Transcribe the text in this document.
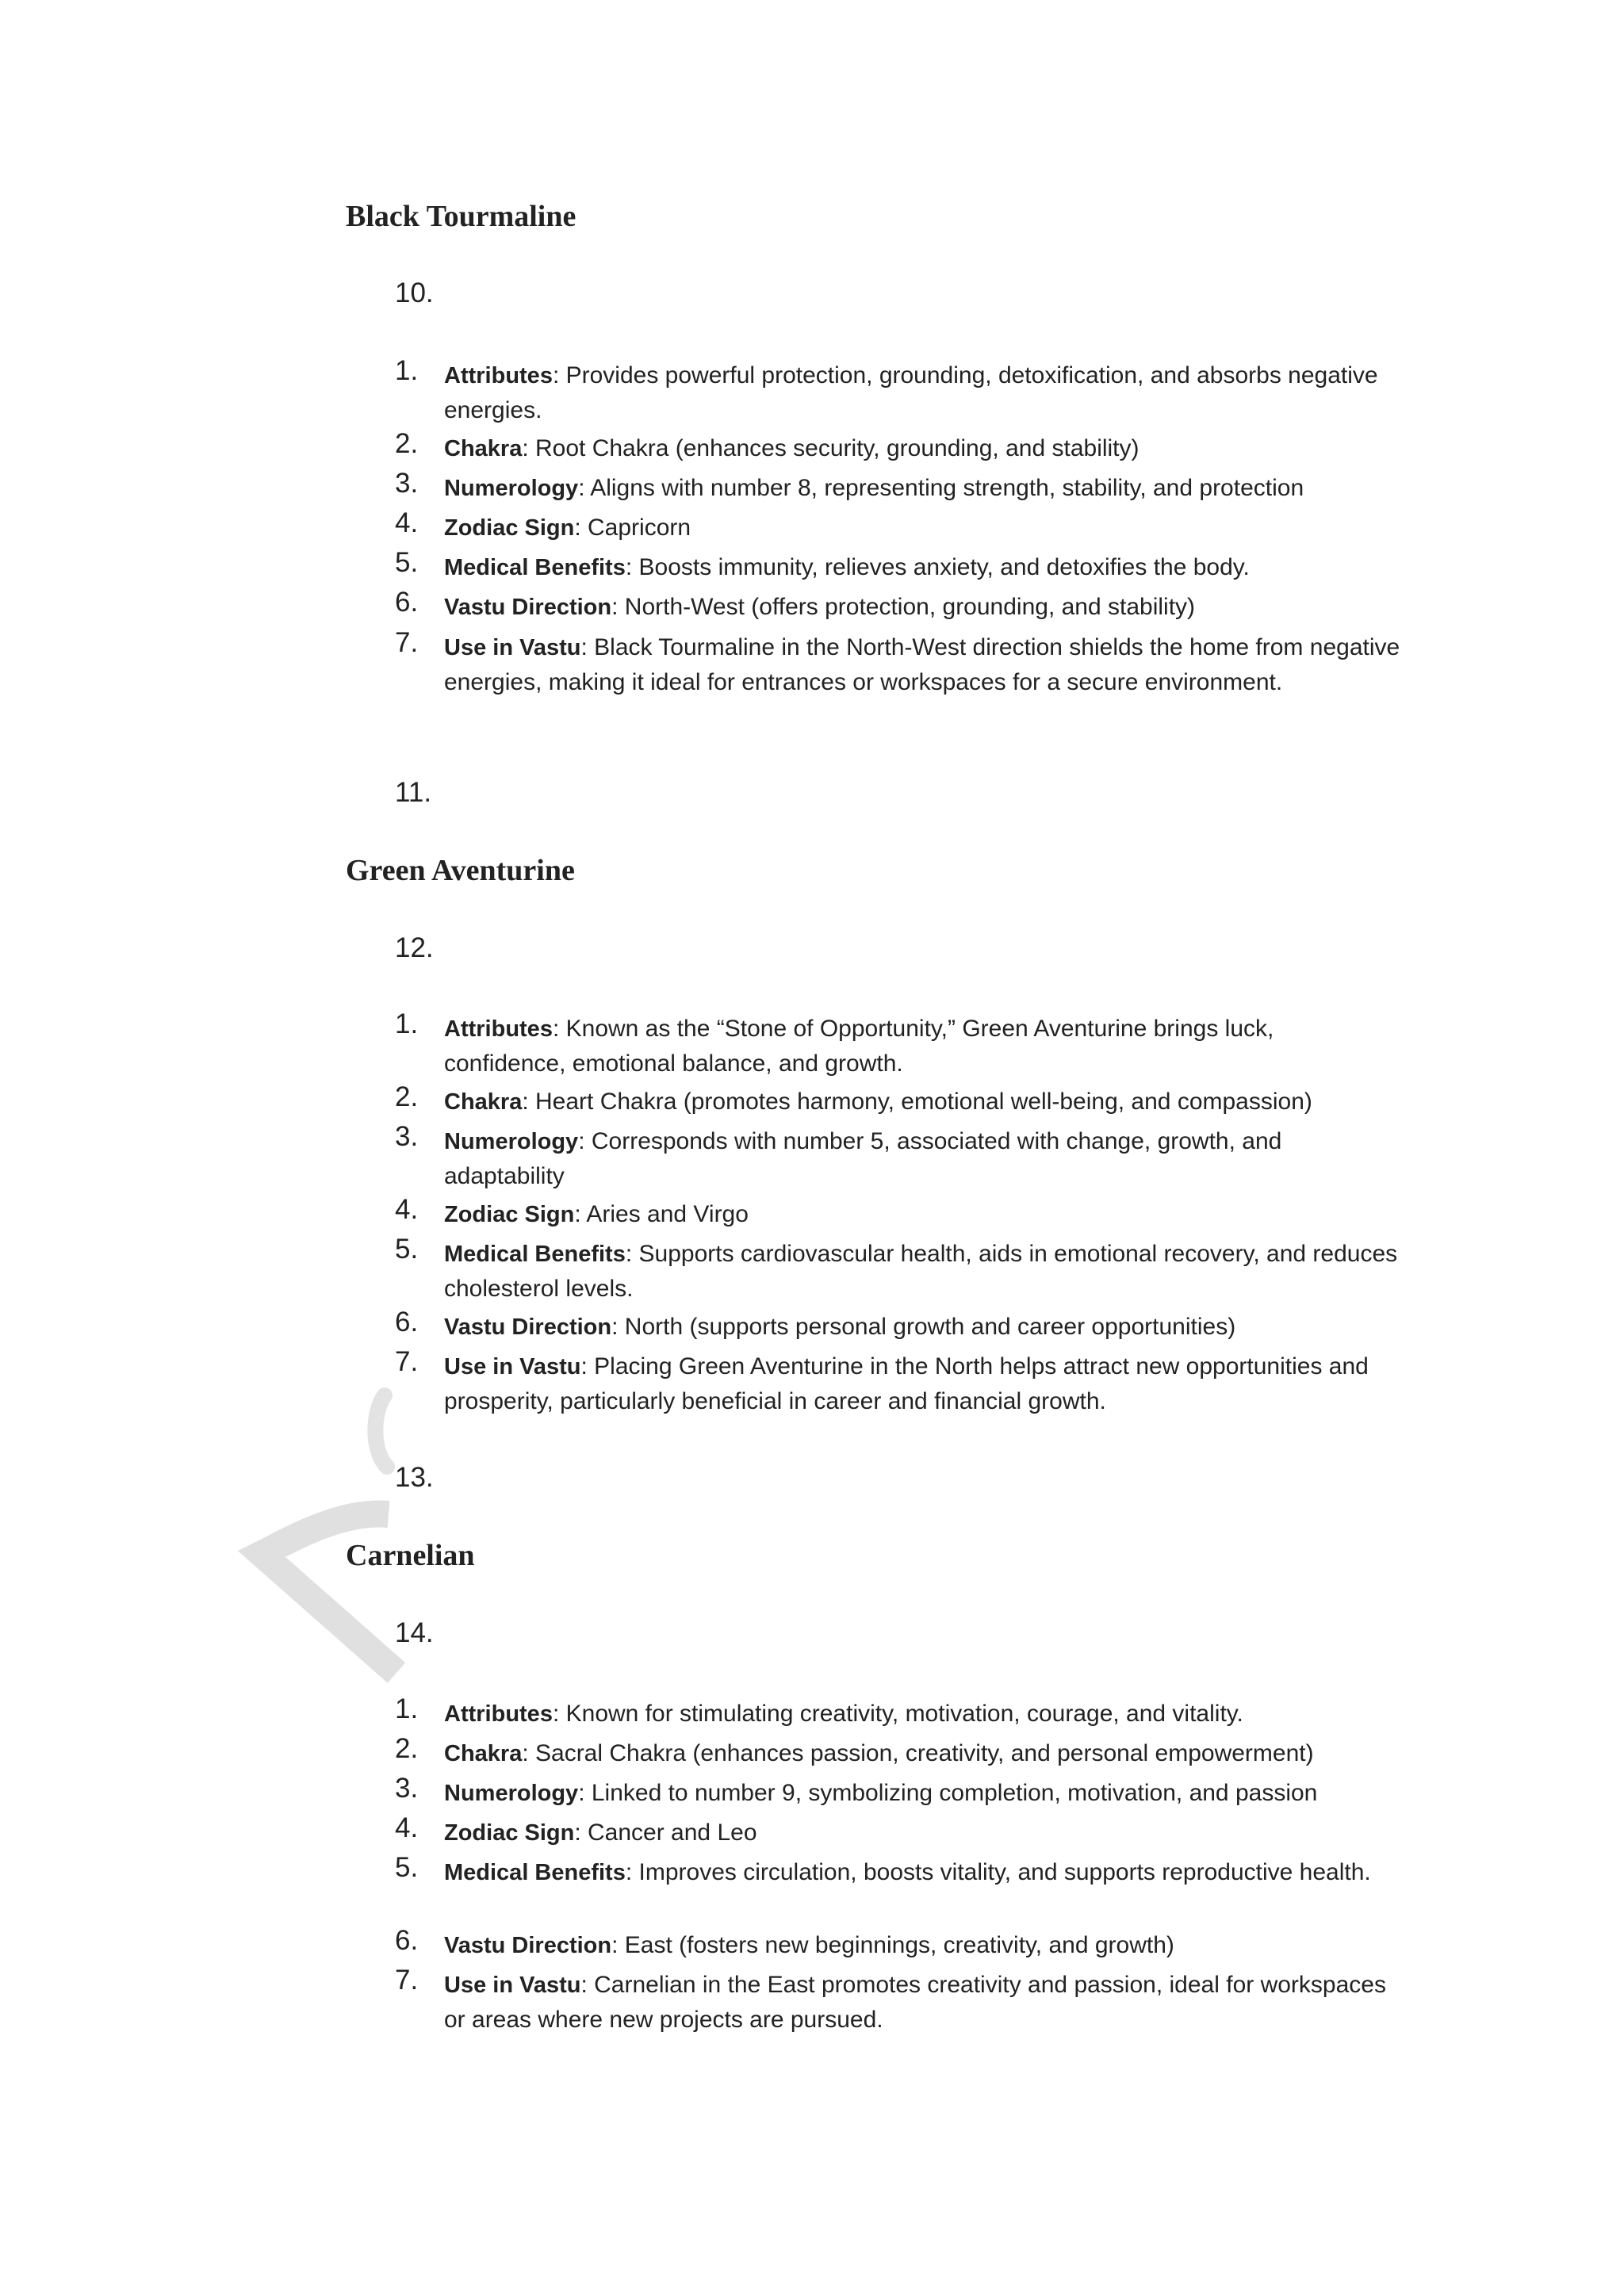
Black Tourmaline
10.
1. Attributes: Provides powerful protection, grounding, detoxification, and absorbs negative energies.
2. Chakra: Root Chakra (enhances security, grounding, and stability)
3. Numerology: Aligns with number 8, representing strength, stability, and protection
4. Zodiac Sign: Capricorn
5. Medical Benefits: Boosts immunity, relieves anxiety, and detoxifies the body.
6. Vastu Direction: North-West (offers protection, grounding, and stability)
7. Use in Vastu: Black Tourmaline in the North-West direction shields the home from negative energies, making it ideal for entrances or workspaces for a secure environment.
11.
Green Aventurine
12.
1. Attributes: Known as the “Stone of Opportunity,” Green Aventurine brings luck, confidence, emotional balance, and growth.
2. Chakra: Heart Chakra (promotes harmony, emotional well-being, and compassion)
3. Numerology: Corresponds with number 5, associated with change, growth, and adaptability
4. Zodiac Sign: Aries and Virgo
5. Medical Benefits: Supports cardiovascular health, aids in emotional recovery, and reduces cholesterol levels.
6. Vastu Direction: North (supports personal growth and career opportunities)
7. Use in Vastu: Placing Green Aventurine in the North helps attract new opportunities and prosperity, particularly beneficial in career and financial growth.
13.
Carnelian
14.
1. Attributes: Known for stimulating creativity, motivation, courage, and vitality.
2. Chakra: Sacral Chakra (enhances passion, creativity, and personal empowerment)
3. Numerology: Linked to number 9, symbolizing completion, motivation, and passion
4. Zodiac Sign: Cancer and Leo
5. Medical Benefits: Improves circulation, boosts vitality, and supports reproductive health.
6. Vastu Direction: East (fosters new beginnings, creativity, and growth)
7. Use in Vastu: Carnelian in the East promotes creativity and passion, ideal for workspaces or areas where new projects are pursued.
